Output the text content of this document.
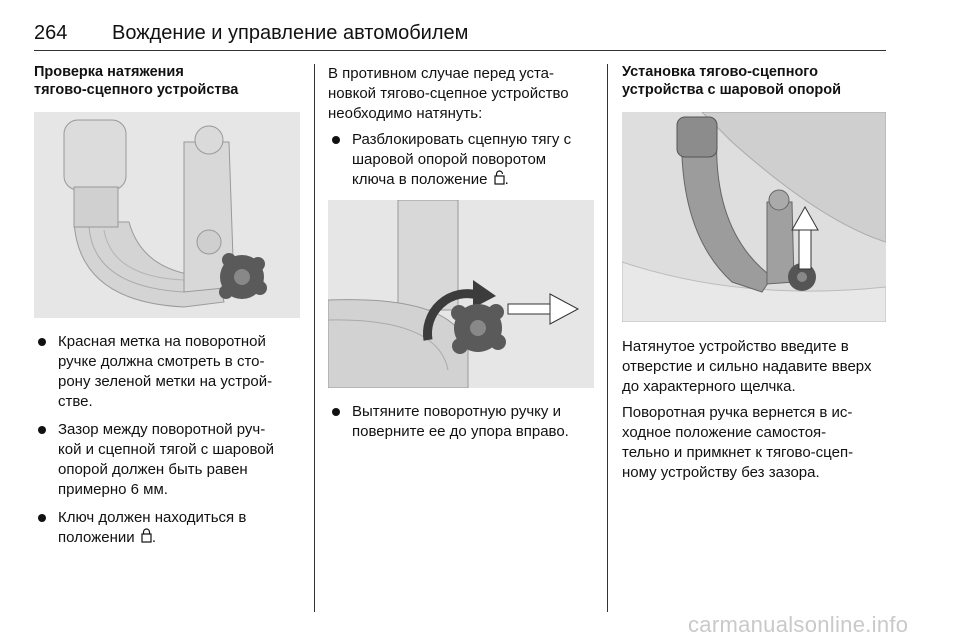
264 Вождение и управление автомобилем

Проверка натяжения
тягово-сцепного устройства

Красная метка на поворотной
ручке должна смотреть в сто-
рону зеленой метки на устрой-
стве.
Зазор между поворотной руч-
кой и сцепной тягой с шаровой
опорой должен быть равен
примерно 6 мм.
Ключ должен находиться в
положении .

В противном случае перед уста-
новкой тягово-сцепное устройство
необходимо натянуть:

Разблокировать сцепную тягу с
шаровой опорой поворотом
ключа в положение .
Вытяните поворотную ручку и
поверните ее до упора вправо.

Установка тягово-сцепного
устройства с шаровой опорой

Натянутое устройство введите в
отверстие и сильно надавите вверх
до характерного щелчка.

Поворотная ручка вернется в ис-
ходное положение самостоя-
тельно и примкнет к тягово-сцеп-
ному устройству без зазора.

carmanualsonline.info
